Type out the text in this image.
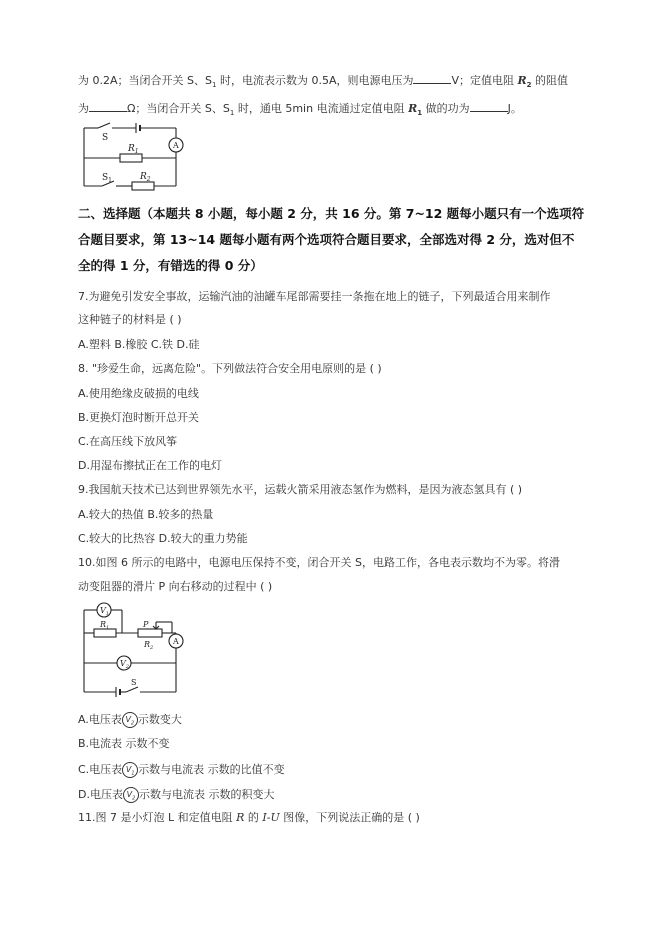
为 0.2A；当闭合开关 S、$S_1$ 时，电流表示数为 0.5A，则电源电压为	V；定值电阻 $R_2$ 的阻值
为	Ω；当闭合开关 S、$S_1$ 时，通电 5min 电流通过定值电阻 $R_1$ 做的功为	J。
S
$R_1$
A
$S_1$	$R_2$
二、选择题（本题共 8 小题，每小题 2 分，共 16 分。第 7~12 题每小题只有一个选项符
合题目要求，第 13~14 题每小题有两个选项符合题目要求，全部选对得 2 分，选对但不
全的得 1 分，有错选的得 0 分）
7.为避免引发安全事故，运输汽油的油罐车尾部需要挂一条拖在地上的链子，下列最适合用来制作
这种链子的材料是 ( )
A.塑料 B.橡胶 C.铁 D.硅
8. "珍爱生命，远离危险"。下列做法符合安全用电原则的是 ( )
A.使用绝缘皮破损的电线
B.更换灯泡时断开总开关
C.在高压线下放风筝
D.用湿布擦拭正在工作的电灯
9.我国航天技术已达到世界领先水平，运载火箭采用液态氢作为燃料，是因为液态氢具有 ( )
A.较大的热值 B.较多的热量
C.较大的比热容 D.较大的重力势能
10.如图 6 所示的电路中，电源电压保持不变，闭合开关 S，电路工作，各电表示数均不为零。将滑
动变阻器的滑片 P 向右移动的过程中 ( )
$V_1$
$R_1$	P
$R_2$
A
$V_2$
S
A.电压表 $V_2$ 示数变大
B.电流表 示数不变
C.电压表 $V_1$ 示数与电流表 示数的比值不变
D.电压表 $V_2$ 示数与电流表 示数的积变大
11.图 7 是小灯泡 L 和定值电阻 R 的 I-U 图像，下列说法正确的是 ( )
